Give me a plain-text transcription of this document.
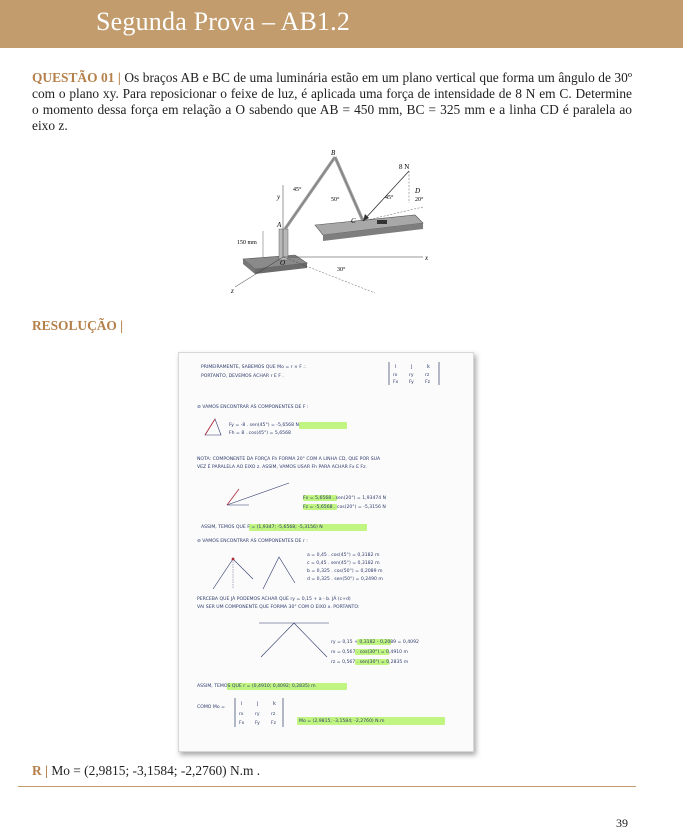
Segunda Prova – AB1.2
QUESTÃO 01 | Os braços AB e BC de uma luminária estão em um plano vertical que forma um ângulo de 30º com o plano xy. Para reposicionar o feixe de luz, é aplicada uma força de intensidade de 8 N em C. Determine o momento dessa força em relação a O sabendo que AB = 450 mm, BC = 325 mm e a linha CD é paralela ao eixo z.
B
C
A
O
D
x
y
z
8 N
45°
50°	45°	20°
30°
150 mm
RESOLUÇÃO |
PRIMEIRAMENTE, SABEMOS QUE Mo = r × F ∴
PORTANTO, DEVEMOS ACHAR r E F .
i	j	k
rx	ry	rz
Fx Fy Fz
⊘ VAMOS ENCONTRAR AS COMPONENTES DE F :
Fy = -8 . sen(45°) = -5,6568 N
Fh = 8 . cos(45°) = 5,6568
NOTA: COMPONENTE DA FORÇA Fh FORMA 20° COM A LINHA CD, QUE POR SUA
VEZ É PARALELA AO EIXO z. ASSIM, VAMOS USAR Fh PARA ACHAR Fx E Fz.
Fx = 5,6568 . sen(20°) = 1,93474 N
Fz = -5,6568 . cos(20°) = -5,3156 N
ASSIM, TEMOS QUE F = (1,9347; -5,6568; -5,3156) N
⊘ VAMOS ENCONTRAR AS COMPONENTES DE r :
a = 0,45 . cos(45°) = 0,3182 m
c = 0,45 . sen(45°) = 0,3182 m
b = 0,325 . cos(50°) = 0,2089 m
d = 0,325 . sen(50°) = 0,2490 m
PERCEBA QUE JÁ PODEMOS ACHAR QUE ry = 0,15 + a - b. JÁ (c+d)
VAI SER UM COMPONENTE QUE FORMA 30° COM O EIXO x. PORTANTO:
ry = 0,15 + 0,3182 - 0,2089 = 0,4092
rx = 0,567 . cos(30°) = 0,4910 m
rz = 0,567 . sen(30°) = 0,2835 m
ASSIM, TEMOS QUE r = (0,4910; 0,4092; 0,2835) m
COMO Mo =
i	j	k
rx	ry	rz
Fx Fy Fz	Mo = (2,9815; -3,1584; -2,2760) N.m
R | Mo = (2,9815; -3,1584; -2,2760) N.m .
39
